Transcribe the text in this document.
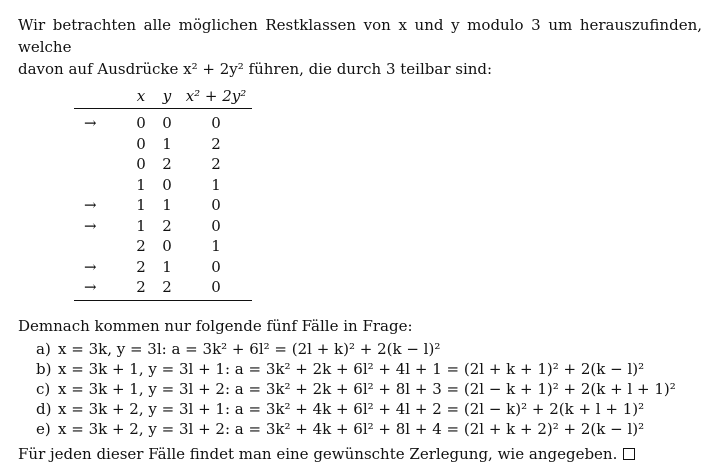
Wir betrachten alle möglichen Restklassen von x und y modulo 3 um herauszufinden, welche
davon auf Ausdrücke x² + 2y² führen, die durch 3 teilbar sind:
	x	y	x² + 2y²
→	0	0	0
	0	1	2
	0	2	2
	1	0	1
→	1	1	0
→	1	2	0
	2	0	1
→	2	1	0
→	2	2	0
Demnach kommen nur folgende fünf Fälle in Frage:
a) x = 3k, y = 3l: a = 3k² + 6l² = (2l + k)² + 2(k − l)²
b) x = 3k + 1, y = 3l + 1: a = 3k² + 2k + 6l² + 4l + 1 = (2l + k + 1)² + 2(k − l)²
c) x = 3k + 1, y = 3l + 2: a = 3k² + 2k + 6l² + 8l + 3 = (2l − k + 1)² + 2(k + l + 1)²
d) x = 3k + 2, y = 3l + 1: a = 3k² + 4k + 6l² + 4l + 2 = (2l − k)² + 2(k + l + 1)²
e) x = 3k + 2, y = 3l + 2: a = 3k² + 4k + 6l² + 8l + 4 = (2l + k + 2)² + 2(k − l)²
Für jeden dieser Fälle findet man eine gewünschte Zerlegung, wie angegeben.
